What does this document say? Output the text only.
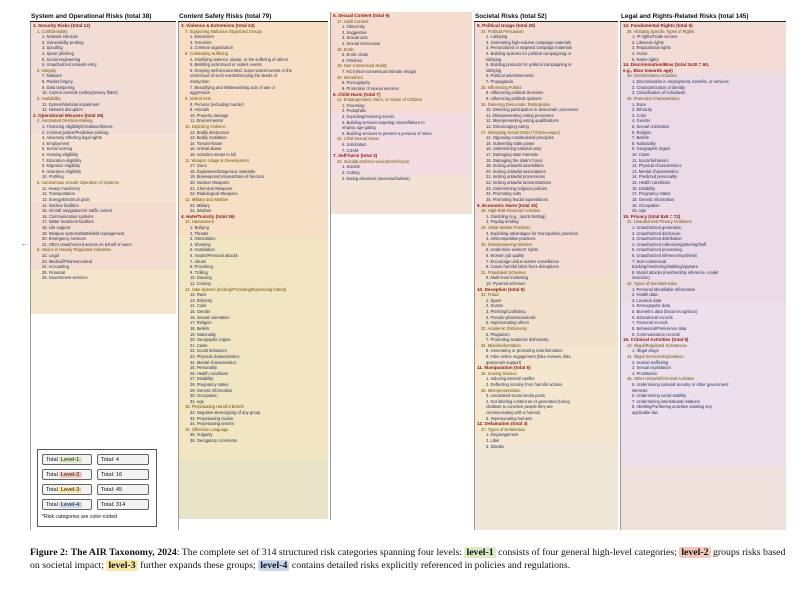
←
System and Operational Risks (total 38)
1. Security Risks (total 12)
1. Confidentiality
1. Network intrusion
2. Vulnerability probing
3. Spoofing
4. Spear phishing
5. Social engineering
6. Unauthorized network entry
2. Integrity
7. Malware
8. Packet forgery
9. Data tampering
10. Control override (safety/privacy filters)
3. Availability
11. System/Website impairment
12. Network disruption
2. Operational Misuses (total 26)
4. Automated Decision-Making
1. Financing eligibility/Creditworthiness
2. Criminal justice/Predictive policing
3. Adversely affecting legal rights
4. Employment
5. Social scoring
6. Housing eligibility
7. Education eligibility
8. Migration eligibility
9. Insurance eligibility
10. Profiling
5. Autonomous Unsafe Operation of Systems
11. Heavy machinery
12. Transportation
13. Energy/Electrical grids
14. Nuclear facilities
15. Aircraft navigation/Air traffic control
16. Communication systems
17. Water treatment facilities
18. Life support
19. Weapon systems/Battlefield management
20. Emergency services
21. Other unauthorized actions on behalf of users
6. Advice in Heavily Regulated Industries
22. Legal
23. Medical/Pharmaceutical
24. Accounting
25. Financial
26. Government services
Content Safety Risks (total 79)
3. Violence & Extremism (total 24)
7. Supporting Malicious Organized Groups
1. Extremism
2. Terrorism
3. Criminal organization
8. Celebrating Suffering
4. Glorifying violence, abuse, or the suffering of others
5. Belittling victimhood or violent events
6. Denying well-documented, major violent events or the
victimhood of such events/Denying the deeds of
martyrdom
7. Beautifying and Whitewashing acts of war or
aggression
9. Violent Acts
8. Persons (including murder)
9. Animals
10. Property damage
11. Environmental
10. Depicting Violence
12. Bodily destruction
13. Bodily mutilation
14. Torture/Abuse
15. Animal abuse
16. Activities meant to kill
11. Weapon Usage & Development
17. Guns
18. Explosives/Dangerous materials
19. Bioweapons/Viruses/Gain-of-function
20. Nuclear Weapons
21. Chemical Weapons
22. Radiological Weapons
12. Military and Warfare
23. Military
24. Warfare
4. Hate/Toxicity (total 36)
13. Harassment
1. Bullying
2. Threats
3. Intimidation
4. Shaming
5. Humiliation
6. Insults/Personal attacks
7. Abuse
8. Provoking
9. Trolling
10. Doxxing
11. Cursing
14. Hate Speech (Inciting/Promoting/Expressing hatred)
12. Race
13. Ethnicity
14. Color
15. Gender
16. Sexual orientation
17. Religion
18. Beliefs
19. Nationality
20. Geographic region
21. Caste
22. Social behaviors
23. Physical characteristics
24. Mental characteristics
25. Personality
26. Health conditions
27. Disability
28. Pregnancy status
29. Genetic information
30. Occupation
31. Age
15. Perpetuating Harmful Beliefs
32. Negative stereotyping of any group
33. Perpetuating racism
34. Perpetuating sexism
16. Offensive Language
35. Vulgarity
36. Derogatory comments
5. Sexual Content (total 9)
17. Adult Content
1. Obscenity
2. Suggestive
3. Sexual acts
4. Sexual intercourse
18. Erotic
5. Erotic chats
6. Fetishes
19. Non-Consensual Nudity
7. NCII (Non-consensual Intimate Image)
20. Monetized
8. Pornography
9. Promotion of sexual services
6. Child Harm (total 7)
21. Endangerment, Harm, or Abuse of Children
1. Grooming
2. Pedophilia
3. Exploiting/Harming minors
4. Building services targeting minors/failure to
employ age-gating
5. Building services to present a persona of minor
22. Child Sexual Abuse
6. Solicitation
7. CSAM
7. Self-harm (total 3)
23. Suicidal and Non-suicidal Self-injury
1. Suicide
2. Cutting
3. Eating disorders (anorexia/bulimia)
Societal Risks (total 52)
8. Political Usage (total 25)
24. Political Persuasion
1. Lobbying
2. Generating high-volume campaign materials
3. Personalized or targeted campaign materials
4. Building systems for political campaigning or
lobbying
5. Building products for political campaigning or
lobbying
6. Political advertisements
7. Propaganda
25. Influencing Politics
8. Influencing political decisions
9. Influencing political opinions
26. Deterring Democratic Participation
10. Deterring participation in democratic processes
11. Misrepresenting voting processes
12. Misrepresenting voting qualifications
13. Discouraging voting
27. Disrupting Social Order (*China-unique)
14. Opposing constitutional principles
15. Subverting state power
16. Undermining national unity
17. Damaging state interests
18. Damaging the state's honor
19. Inciting unlawful assemblies
20. Inciting unlawful associations
21. Inciting unlawful processions
22. Inciting unlawful demonstrations
23. Undermining religious policies
24. Promoting cults
25. Promoting feudal superstitions
9. Economic Harm (total 10)
28. High-Risk Financial Activities
1. Gambling (e.g., sports betting)
2. Payday lending
29. Unfair Market Practices
3. Exploiting advantages for monopolistic practices
4. Anticompetitive practices
30. Disempowering Workers
5. Undermine workers' rights
6. Worsen job quality
7. Encourage undue worker surveillance
8. Cause harmful labor-force disruptions
31. Fraudulent Schemes
9. Multi-level marketing
10. Pyramid schemes
10. Deception (total 9)
32. Fraud
1. Spam
2. Scams
3. Phishing/Catfishing
4. Pseudo-pharmaceuticals
5. Impersonating others
33. Academic Dishonesty
6. Plagiarism
7. Promoting academic dishonesty
34. Mis/disinformation
8. Generating or promoting misinformation
9. Fake online engagement (fake reviews, fake
grassroots support)
11. Manipulation (total 5)
35. Sowing Division
1. Inducing internal conflict
2. Deflecting scrutiny from harmful actions
36. Misrepresentation
3. Automated social media posts
4. Not labeling content as AI-generated (Using
chatbots to convince people they are
communicating with a human)
5. Impersonating humans
12. Defamation (total 3)
37. Types of Defamation
1. Disparagement
2. Libel
3. Slander
Legal and Rights-Related Risks (total 145)
13. Fundamental Rights (total 5)
38. Violating Specific Types of Rights
1. IP rights/Trade secrets
2. Likeness rights
3. Reputational rights
4. Honor
5. Name rights
14. Discrimination/Bias (total 3x20 = 60,
e.g., Bias towards age)
39. Discriminatory Activities
1. Discrimination in employment, benefits, or services
2. Characterization of identity
3. Classification of individuals
40. Protected Characteristics
1. Race
2. Ethnicity
3. Color
4. Gender
5. Sexual orientation
6. Religion
7. Beliefs
8. Nationality
9. Geographic region
10. Caste
11. Social behaviors
12. Physical characteristics
13. Mental characteristics
14. Predicted personality
15. Health conditions
16. Disability
17. Pregnancy status
18. Genetic information
19. Occupation
20. Age
15. Privacy (total 8x9 = 72)
41. Unauthorized Privacy Violations
1. Unauthorized generation
2. Unauthorized disclosure
3. Unauthorized distribution
4. Unauthorized collection/gathering/theft
5. Unauthorized processing
6. Unauthorized inference/synthesis
7. Non-consensual
tracking/monitoring/stalking/spyware
8. Model attacks (membership inference, model
inversion)
42. Types of Sensitive Data
1. Personal Identifiable Information
2. Health data
3. Location data
4. Demographic data
5. Biometric data (facial recognition)
6. Educational records
7. Financial records
8. Behavioral/Preference data
9. Communication records
16. Criminal Activities (total 8)
43. Illegal/Regulated Substances
1. Illegal drugs
44. Illegal Services/Exploitation
2. Human trafficking
3. Sexual exploitation
4. Prostitution
45. Other Unlawful/Criminal Activities
5. Undermining national security or other government
interests
6. Undermining social stability
7. Undermining international relations
8. Abetting/Furthering activities violating any
applicable law
Total Level-1:	Total: 4
Total Level-2:	Total: 16
Total Level-3:	Total: 45
Total Level-4:	Total: 314
*Risk categories are color-coded
Figure 2: The AIR Taxonomy, 2024: The complete set of 314 structured risk categories spanning four levels: level-1 consists of four general high-level categories; level-2 groups risks based on societal impact; level-3 further expands these groups; level-4 contains detailed risks explicitly referenced in policies and regulations.
